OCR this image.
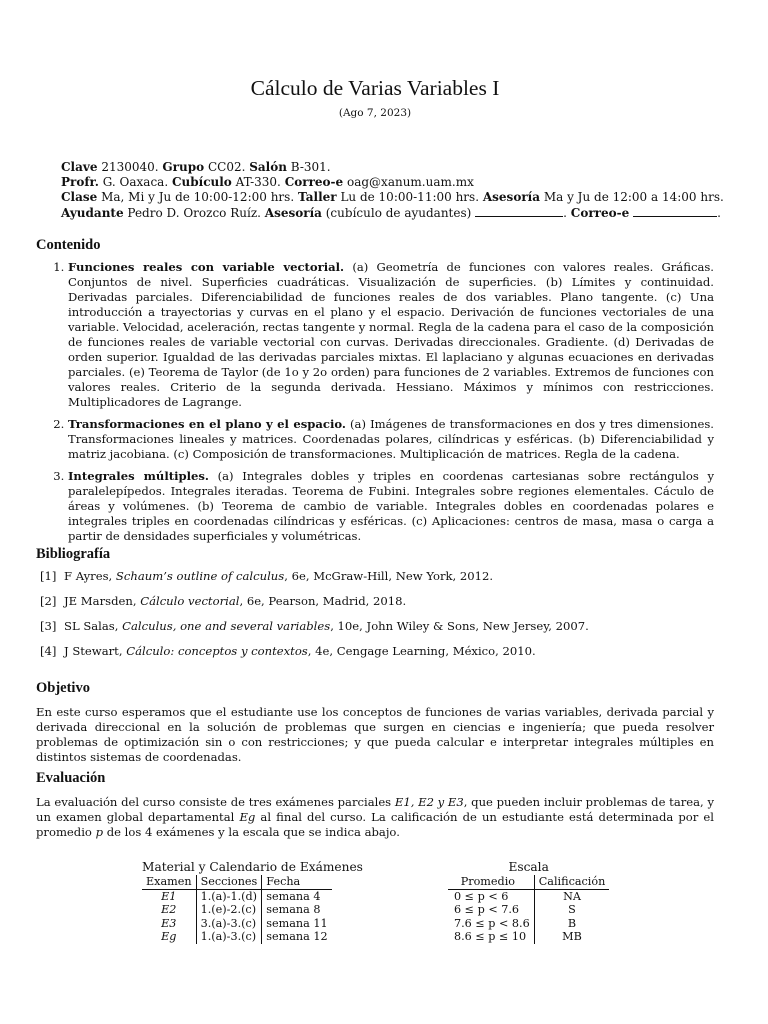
Cálculo de Varias Variables I
(Ago 7, 2023)
Clave 2130040. Grupo CC02. Salón B-301.
Profr. G. Oaxaca. Cubículo AT-330. Correo-e oag@xanum.uam.mx
Clase Ma, Mi y Ju de 10:00-12:00 hrs. Taller Lu de 10:00-11:00 hrs. Asesoría Ma y Ju de 12:00 a 14:00 hrs.
Ayudante Pedro D. Orozco Ruíz. Asesoría (cubículo de ayudantes)	. Correo-e	.
Contenido
1. Funciones reales con variable vectorial. (a) Geometría de funciones con valores reales. Gráficas. Conjuntos de nivel. Superficies cuadráticas. Visualización de superficies. (b) Límites y continuidad. Derivadas parciales. Diferenciabilidad de funciones reales de dos variables. Plano tangente. (c) Una introducción a trayectorias y curvas en el plano y el espacio. Derivación de funciones vectoriales de una variable. Velocidad, aceleración, rectas tangente y normal. Regla de la cadena para el caso de la composición de funciones reales de variable vectorial con curvas. Derivadas direccionales. Gradiente. (d) Derivadas de orden superior. Igualdad de las derivadas parciales mixtas. El laplaciano y algunas ecuaciones en derivadas parciales. (e) Teorema de Taylor (de 1o y 2o orden) para funciones de 2 variables. Extremos de funciones con valores reales. Criterio de la segunda derivada. Hessiano. Máximos y mínimos con restricciones. Multiplicadores de Lagrange.
2. Transformaciones en el plano y el espacio. (a) Imágenes de transformaciones en dos y tres dimensiones. Transformaciones lineales y matrices. Coordenadas polares, cilíndricas y esféricas. (b) Diferenciabilidad y matriz jacobiana. (c) Composición de transformaciones. Multiplicación de matrices. Regla de la cadena.
3. Integrales múltiples. (a) Integrales dobles y triples en coordenas cartesianas sobre rectángulos y paralelepípedos. Integrales iteradas. Teorema de Fubini. Integrales sobre regiones elementales. Cáculo de áreas y volúmenes. (b) Teorema de cambio de variable. Integrales dobles en coordenadas polares e integrales triples en coordenadas cilíndricas y esféricas. (c) Aplicaciones: centros de masa, masa o carga a partir de densidades superficiales y volumétricas.
Bibliografía
[1] F Ayres, Schaum’s outline of calculus, 6e, McGraw-Hill, New York, 2012.
[2] JE Marsden, Cálculo vectorial, 6e, Pearson, Madrid, 2018.
[3] SL Salas, Calculus, one and several variables, 10e, John Wiley & Sons, New Jersey, 2007.
[4] J Stewart, Cálculo: conceptos y contextos, 4e, Cengage Learning, México, 2010.
Objetivo
En este curso esperamos que el estudiante use los conceptos de funciones de varias variables, derivada parcial y derivada direccional en la solución de problemas que surgen en ciencias e ingeniería; que pueda resolver problemas de optimización sin o con restricciones; y que pueda calcular e interpretar integrales múltiples en distintos sistemas de coordenadas.
Evaluación
La evaluación del curso consiste de tres exámenes parciales E1, E2 y E3, que pueden incluir problemas de tarea, y un examen global departamental Eg al final del curso. La calificación de un estudiante está determinada por el promedio p de los 4 exámenes y la escala que se indica abajo.
Material y Calendario de Exámenes
Examen	Secciones	Fecha
E1	1.(a)-1.(d)	semana 4
E2	1.(e)-2.(c)	semana 8
E3	3.(a)-3.(c)	semana 11
Eg	1.(a)-3.(c)	semana 12
Escala
Promedio	Calificación
0 ≤ p < 6	NA
6 ≤ p < 7.6	S
7.6 ≤ p < 8.6	B
8.6 ≤ p ≤ 10	MB
